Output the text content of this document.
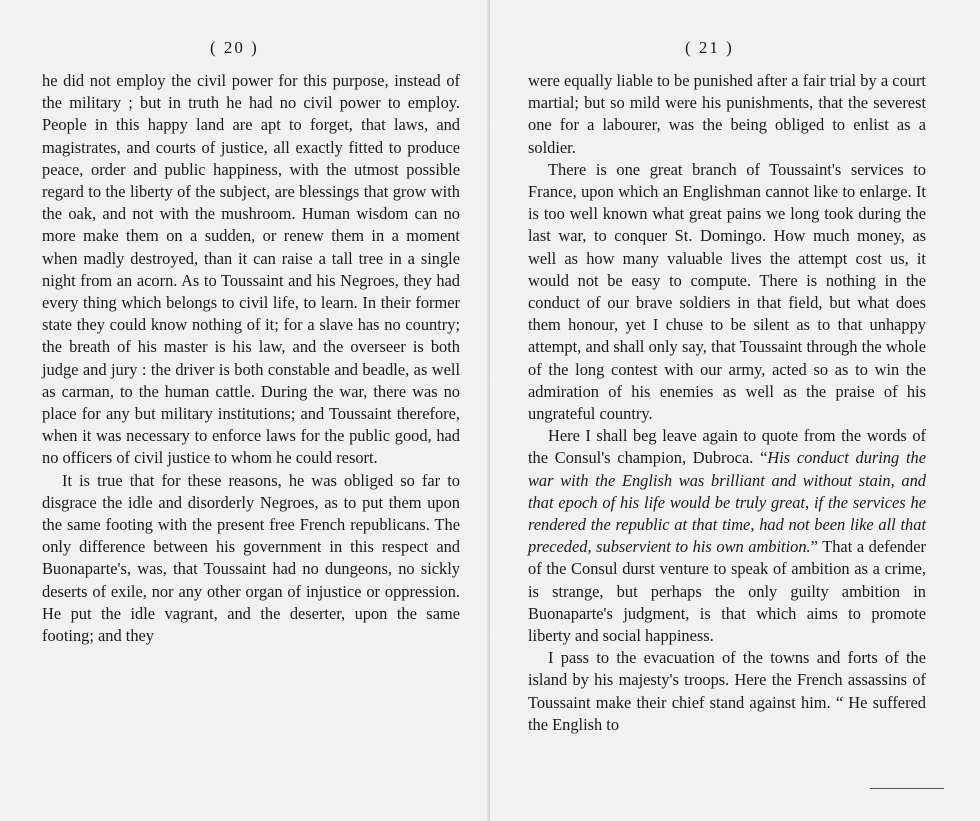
( 20 )

he did not employ the civil power for this purpose, instead of the military ; but in truth he had no civil power to employ. People in this happy land are apt to forget, that laws, and magistrates, and courts of justice, all exactly fitted to produce peace, order and public happiness, with the utmost possible regard to the liberty of the subject, are blessings that grow with the oak, and not with the mushroom. Human wisdom can no more make them on a sudden, or renew them in a moment when madly destroyed, than it can raise a tall tree in a single night from an acorn. As to Toussaint and his Negroes, they had every thing which belongs to civil life, to learn. In their former state they could know nothing of it; for a slave has no country; the breath of his master is his law, and the overseer is both judge and jury : the driver is both constable and beadle, as well as carman, to the human cattle. During the war, there was no place for any but military institutions; and Toussaint therefore, when it was necessary to enforce laws for the public good, had no officers of civil justice to whom he could resort.

It is true that for these reasons, he was obliged so far to disgrace the idle and disorderly Negroes, as to put them upon the same footing with the present free French republicans. The only difference between his government in this respect and Buonaparte's, was, that Toussaint had no dungeons, no sickly deserts of exile, nor any other organ of injustice or oppression. He put the idle vagrant, and the deserter, upon the same footing; and they

( 21 )

were equally liable to be punished after a fair trial by a court martial; but so mild were his punishments, that the severest one for a labourer, was the being obliged to enlist as a soldier.

There is one great branch of Toussaint's services to France, upon which an Englishman cannot like to enlarge. It is too well known what great pains we long took during the last war, to conquer St. Domingo. How much money, as well as how many valuable lives the attempt cost us, it would not be easy to compute. There is nothing in the conduct of our brave soldiers in that field, but what does them honour, yet I chuse to be silent as to that unhappy attempt, and shall only say, that Toussaint through the whole of the long contest with our army, acted so as to win the admiration of his enemies as well as the praise of his ungrateful country.

Here I shall beg leave again to quote from the words of the Consul's champion, Dubroca. “His conduct during the war with the English was brilliant and without stain, and that epoch of his life would be truly great, if the services he rendered the republic at that time, had not been like all that preceded, subservient to his own ambition.” That a defender of the Consul durst venture to speak of ambition as a crime, is strange, but perhaps the only guilty ambition in Buonaparte's judgment, is that which aims to promote liberty and social happiness.

I pass to the evacuation of the towns and forts of the island by his majesty's troops. Here the French assassins of Toussaint make their chief stand against him. “ He suffered the English to
